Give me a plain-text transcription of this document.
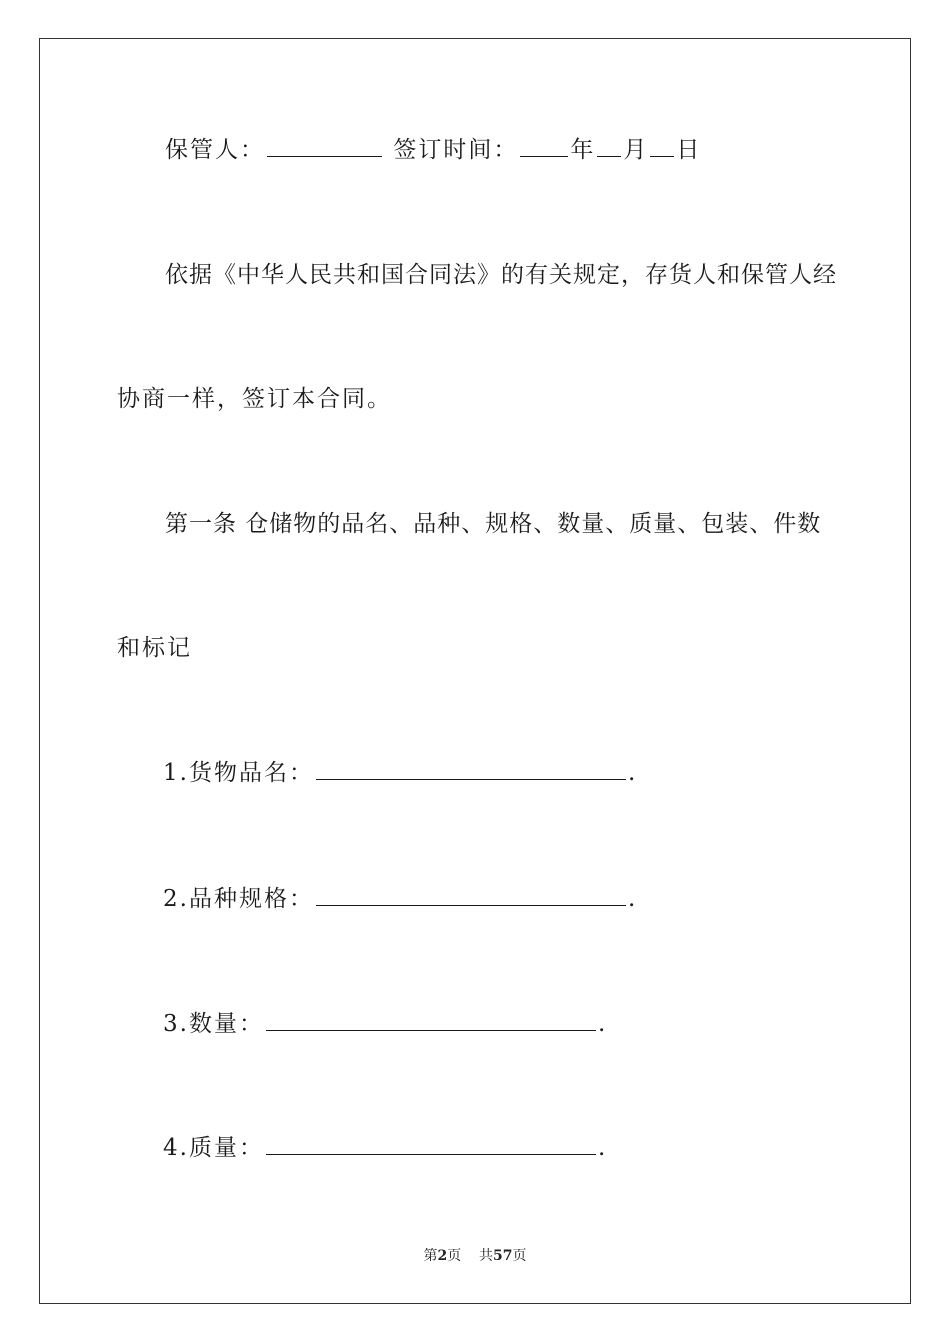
保管人：	签订时间： 年 月 日
依据《中华人民共和国合同法》的有关规定，存货人和保管人经
协商一样，签订本合同。
第一条 仓储物的品名、品种、规格、数量、质量、包装、件数
和标记
1.货物品名：	.
2.品种规格：	.
3.数量：	.
4.质量：	.
第2页 共57页
